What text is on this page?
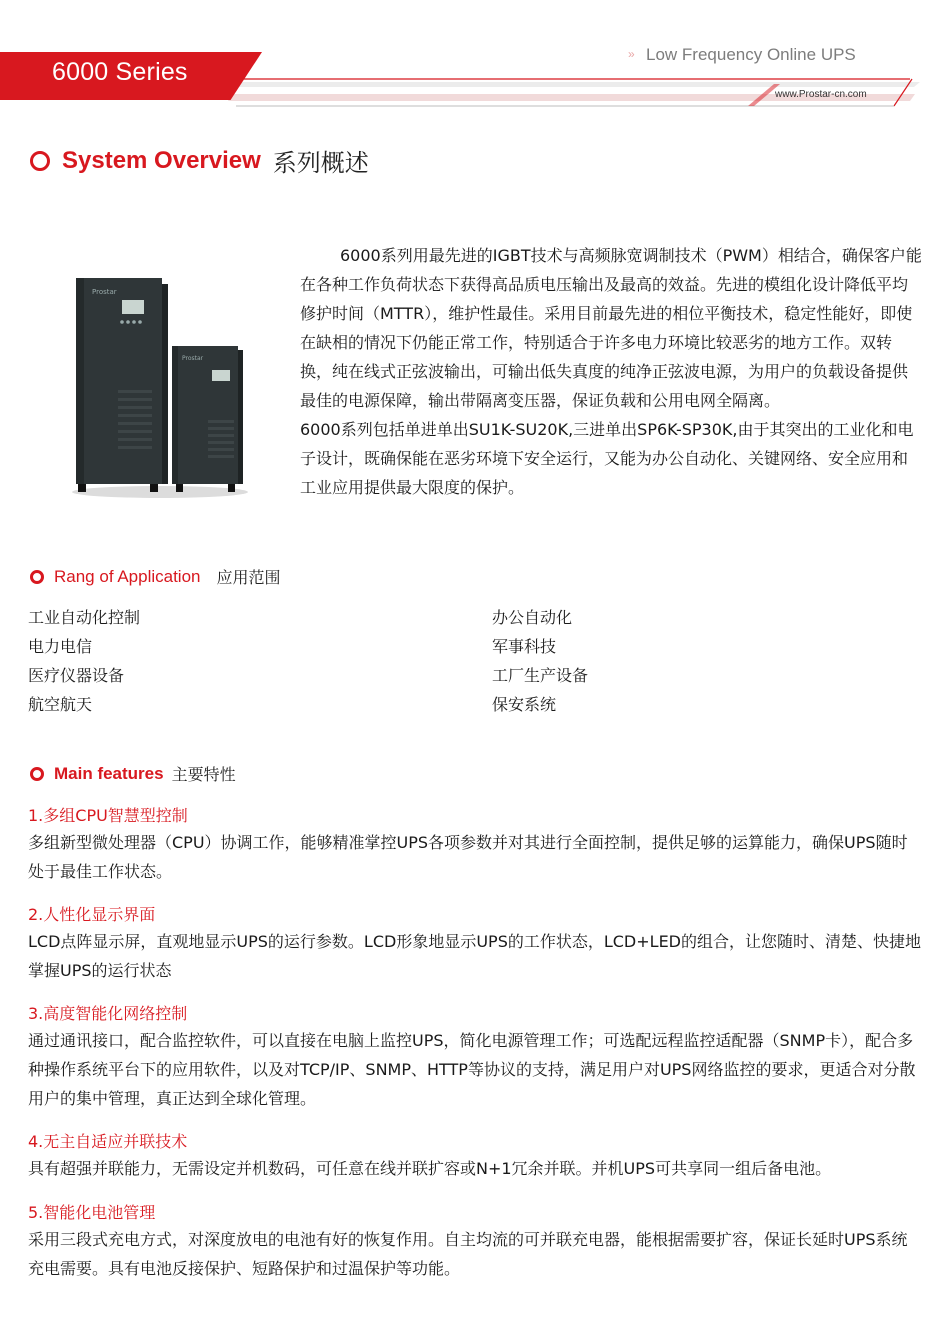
6000 Series
» Low Frequency Online UPS
www.Prostar-cn.com
System Overview 系列概述
Prostar
Prostar

6000系列用最先进的IGBT技术与高频脉宽调制技术（PWM）相结合，确保客户能在各种工作负荷状态下获得高品质电压输出及最高的效益。先进的模组化设计降低平均修护时间（MTTR），维护性最佳。采用目前最先进的相位平衡技术，稳定性能好，即使在缺相的情况下仍能正常工作，特别适合于许多电力环境比较恶劣的地方工作。双转换，纯在线式正弦波输出，可输出低失真度的纯净正弦波电源，为用户的负载设备提供最佳的电源保障，输出带隔离变压器，保证负载和公用电网全隔离。

6000系列包括单进单出SU1K-SU20K,三进单出SP6K-SP30K,由于其突出的工业化和电子设计，既确保能在恶劣环境下安全运行，又能为办公自动化、关键网络、安全应用和工业应用提供最大限度的保护。

Rang of Application 应用范围
工业自动化控制
电力电信
医疗仪器设备
航空航天
办公自动化
军事科技
工厂生产设备
保安系统
Main features 主要特性
1.多组CPU智慧型控制

多组新型微处理器（CPU）协调工作，能够精准掌控UPS各项参数并对其进行全面控制，提供足够的运算能力，确保UPS随时处于最佳工作状态。

2.人性化显示界面

LCD点阵显示屏，直观地显示UPS的运行参数。LCD形象地显示UPS的工作状态，LCD+LED的组合，让您随时、清楚、快捷地掌握UPS的运行状态

3.高度智能化网络控制

通过通讯接口，配合监控软件，可以直接在电脑上监控UPS，简化电源管理工作；可选配远程监控适配器（SNMP卡），配合多种操作系统平台下的应用软件，以及对TCP/IP、SNMP、HTTP等协议的支持，满足用户对UPS网络监控的要求，更适合对分散用户的集中管理，真正达到全球化管理。

4.无主自适应并联技术

具有超强并联能力，无需设定并机数码，可任意在线并联扩容或N+1冗余并联。并机UPS可共享同一组后备电池。

5.智能化电池管理

采用三段式充电方式，对深度放电的电池有好的恢复作用。自主均流的可并联充电器，能根据需要扩容，保证长延时UPS系统充电需要。具有电池反接保护、短路保护和过温保护等功能。
